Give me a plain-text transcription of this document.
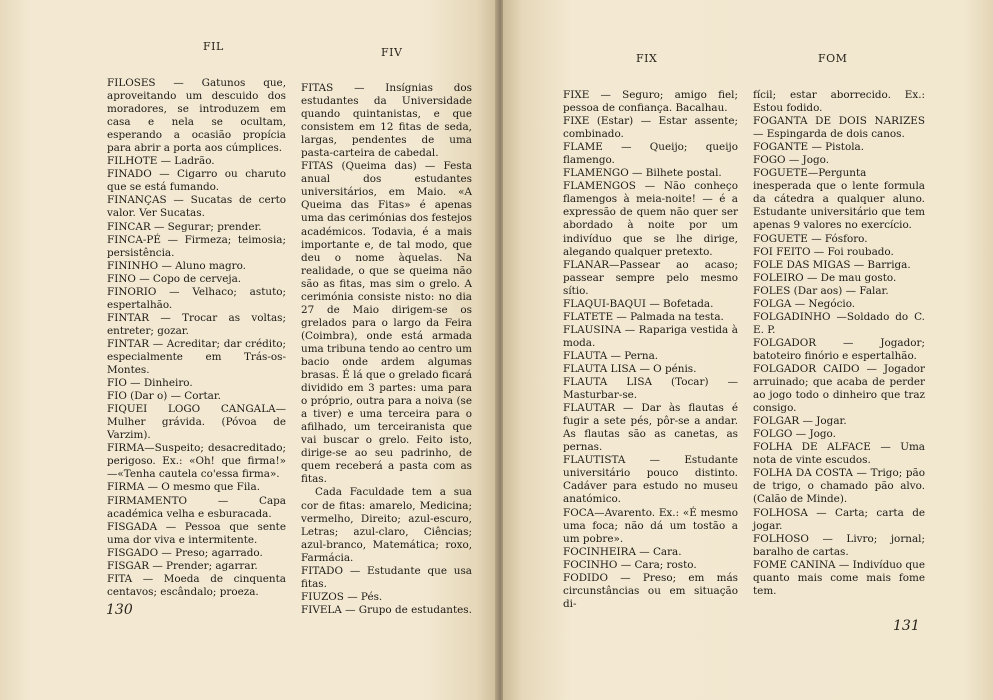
FIL	FIV

FILOSES — Gatunos que, aproveitando um descuido dos moradores, se introduzem em casa e nela se ocultam, esperando a ocasião propícia para abrir a porta aos cúmplices.

FILHOTE — Ladrão.

FINADO — Cigarro ou charuto que se está fumando.

FINANÇAS — Sucatas de certo valor. Ver Sucatas.

FINCAR — Segurar; prender.

FINCA-PÉ — Firmeza; teimosia; persistência.

FININHO — Aluno magro.

FINO — Copo de cerveja.

FINORIO — Velhaco; astuto; espertalhão.

FINTAR — Trocar as voltas; entreter; gozar.

FINTAR — Acreditar; dar crédito; especialmente em Trás-os-Montes.

FIO — Dinheiro.

FIO (Dar o) — Cortar.

FIQUEI LOGO CANGALA—Mulher grávida. (Póvoa de Varzim).

FIRMA—Suspeito; desacreditado; perigoso. Ex.: «Oh! que firma!» —«Tenha cautela co'essa firma».

FIRMA — O mesmo que Fila.

FIRMAMENTO — Capa académica velha e esburacada.

FISGADA — Pessoa que sente uma dor viva e intermitente.

FISGADO — Preso; agarrado.

FISGAR — Prender; agarrar.

FITA — Moeda de cinquenta centavos; escândalo; proeza.

FITAS — Insígnias dos estudantes da Universidade quando quintanistas, e que consistem em 12 fitas de seda, largas, pendentes de uma pasta-carteira de cabedal.

FITAS (Queima das) — Festa anual dos estudantes universitários, em Maio. «A Queima das Fitas» é apenas uma das cerimónias dos festejos académicos. Todavia, é a mais importante e, de tal modo, que deu o nome àquelas. Na realidade, o que se queima não são as fitas, mas sim o grelo. A cerimónia consiste nisto: no dia 27 de Maio dirigem-se os grelados para o largo da Feira (Coimbra), onde está armada uma tribuna tendo ao centro um bacio onde ardem algumas brasas. É lá que o grelado ficará dividido em 3 partes: uma para o próprio, outra para a noiva (se a tiver) e uma terceira para o afilhado, um terceiranista que vai buscar o grelo. Feito isto, dirige-se ao seu padrinho, de quem receberá a pasta com as fitas.

Cada Faculdade tem a sua cor de fitas: amarelo, Medicina; vermelho, Direito; azul-escuro, Letras; azul-claro, Ciências; azul-branco, Matemática; roxo, Farmácia.

FITADO — Estudante que usa fitas.

FIUZOS — Pés.

FIVELA — Grupo de estudantes.

130
FIX	FOM

FIXE — Seguro; amigo fiel; pessoa de confiança. Bacalhau.

FIXE (Estar) — Estar assente; combinado.

FLAME — Queijo; queijo flamengo.

FLAMENGO — Bilhete postal.

FLAMENGOS — Não conheço flamengos à meia-noite! — é a expressão de quem não quer ser abordado à noite por um indivíduo que se lhe dirige, alegando qualquer pretexto.

FLANAR—Passear ao acaso; passear sempre pelo mesmo sítio.

FLAQUI-BAQUI — Bofetada.

FLATETE — Palmada na testa.

FLAUSINA — Rapariga vestida à moda.

FLAUTA — Perna.

FLAUTA LISA — O pénis.

FLAUTA LISA (Tocar) — Masturbar-se.

FLAUTAR — Dar às flautas é fugir a sete pés, pôr-se a andar. As flautas são as canetas, as pernas.

FLAUTISTA — Estudante universitário pouco distinto. Cadáver para estudo no museu anatómico.

FOCA—Avarento. Ex.: «É mesmo uma foca; não dá um tostão a um pobre».

FOCINHEIRA — Cara.

FOCINHO — Cara; rosto.

FODIDO — Preso; em más circunstâncias ou em situação di-

fícil; estar aborrecido. Ex.: Estou fodido.

FOGANTA DE DOIS NARIZES — Espingarda de dois canos.

FOGANTE — Pistola.

FOGO — Jogo.

FOGUETE—Pergunta inesperada que o lente formula da cátedra a qualquer aluno. Estudante universitário que tem apenas 9 valores no exercício.

FOGUETE — Fósforo.

FOI FEITO — Foi roubado.

FOLE DAS MIGAS — Barriga.

FOLEIRO — De mau gosto.

FOLES (Dar aos) — Falar.

FOLGA — Negócio.

FOLGADINHO —Soldado do C. E. P.

FOLGADOR — Jogador; batoteiro finório e espertalhão.

FOLGADOR CAIDO — Jogador arruinado; que acaba de perder ao jogo todo o dinheiro que traz consigo.

FOLGAR — Jogar.

FOLGO — Jogo.

FOLHA DE ALFACE — Uma nota de vinte escudos.

FOLHA DA COSTA — Trigo; pão de trigo, o chamado pão alvo. (Calão de Minde).

FOLHOSA — Carta; carta de jogar.

FOLHOSO — Livro; jornal; baralho de cartas.

FOME CANINA — Indivíduo que quanto mais come mais fome tem.

131
